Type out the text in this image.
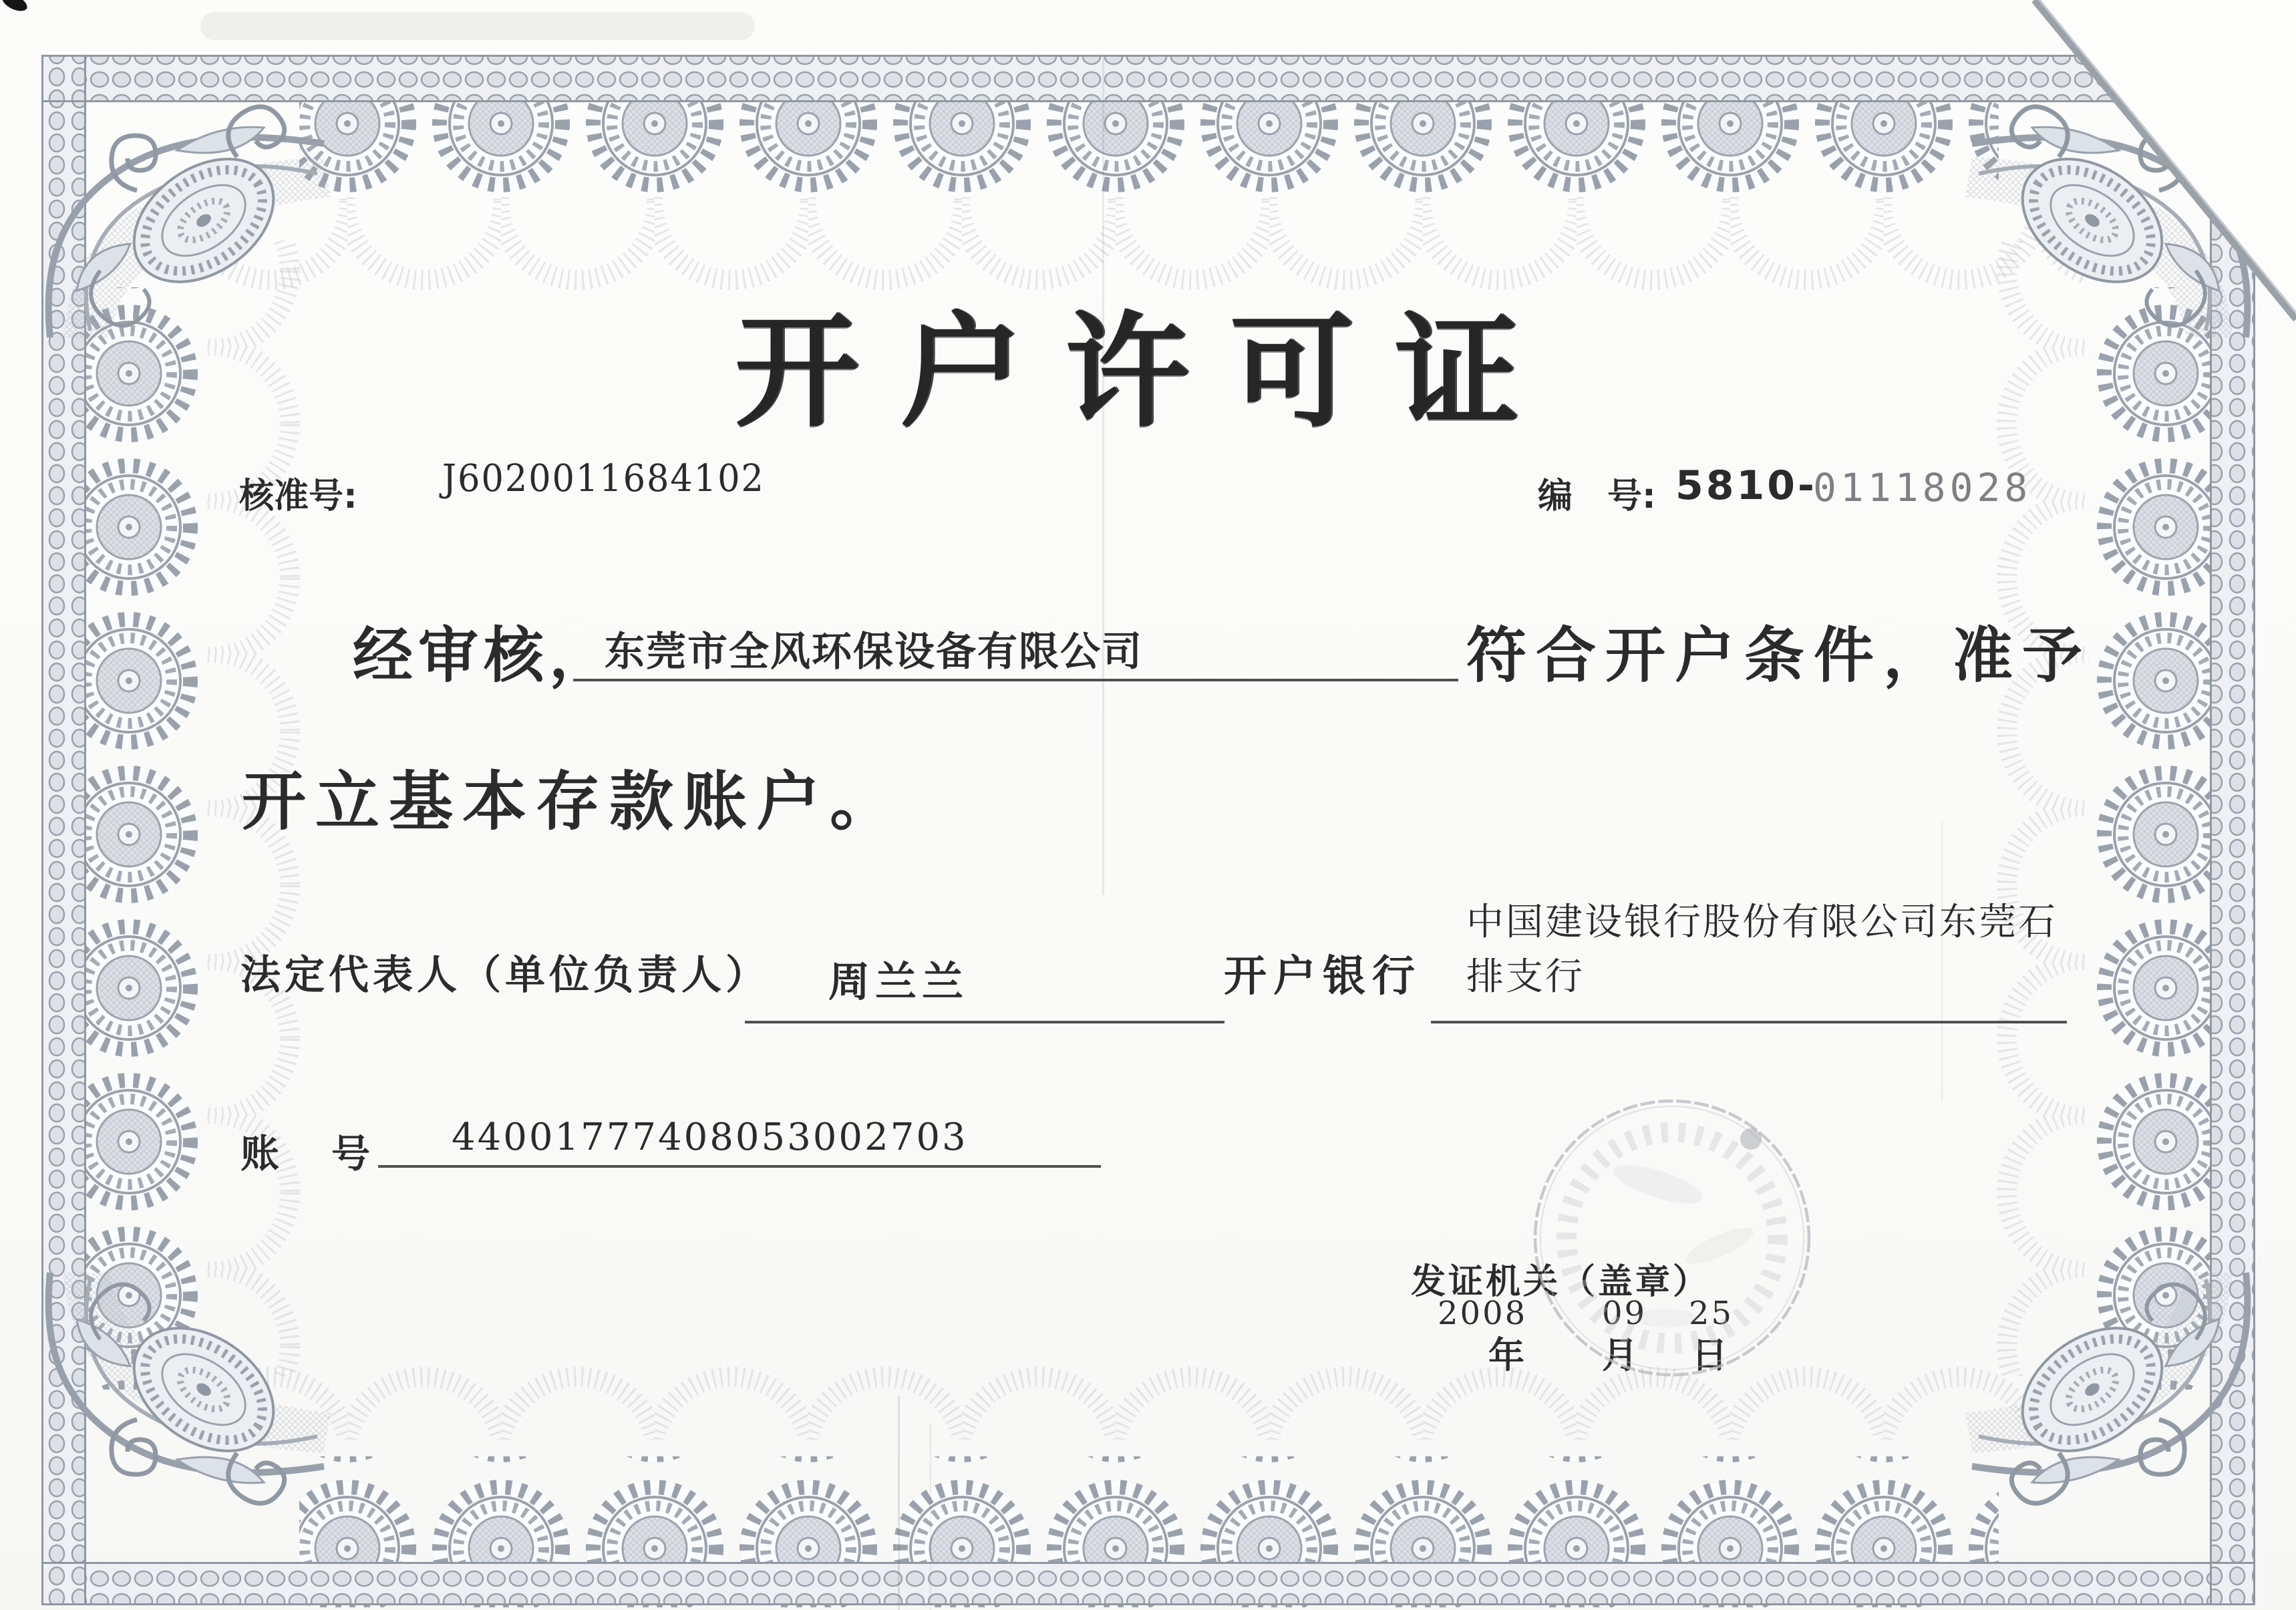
开户许可证
核准号: J6020011684102	编　号: 5810-
01118028
经审核，
东莞市全风环保设备有限公司	符合开户条件，准予
开立基本存款账户。
法定代表人（单位负责人） 周兰兰	开户银行
中国建设银行股份有限公司东莞石
排支行
账　号 44001777408053002703
发证机关（盖章）
2008 09 25
年 月 日
